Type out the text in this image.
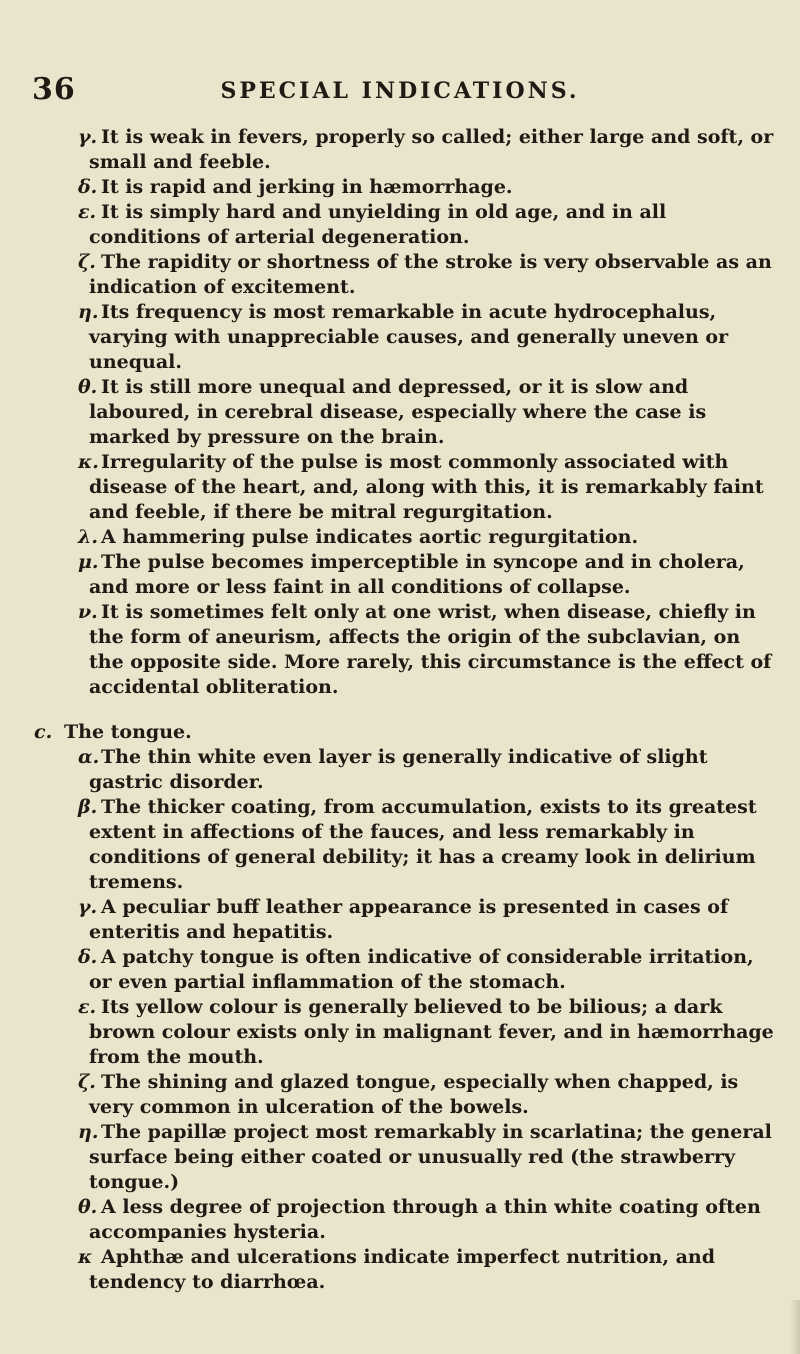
36	SPECIAL INDICATIONS.
γ. It is weak in fevers, properly so called; either large and soft, or small and feeble.
δ. It is rapid and jerking in hæmorrhage.
ε. It is simply hard and unyielding in old age, and in all conditions of arterial degeneration.
ζ. The rapidity or shortness of the stroke is very observable as an indication of excitement.
η. Its frequency is most remarkable in acute hydrocephalus, varying with unappreciable causes, and generally uneven or unequal.
θ. It is still more unequal and depressed, or it is slow and laboured, in cerebral disease, especially where the case is marked by pressure on the brain.
κ. Irregularity of the pulse is most commonly associated with disease of the heart, and, along with this, it is remarkably faint and feeble, if there be mitral regurgitation.
λ. A hammering pulse indicates aortic regurgitation.
μ. The pulse becomes imperceptible in syncope and in cholera, and more or less faint in all conditions of collapse.
ν. It is sometimes felt only at one wrist, when disease, chiefly in the form of aneurism, affects the origin of the subclavian, on the opposite side. More rarely, this circumstance is the effect of accidental obliteration.
c. The tongue.
α. The thin white even layer is generally indicative of slight gastric disorder.
β. The thicker coating, from accumulation, exists to its greatest extent in affections of the fauces, and less remarkably in conditions of general debility; it has a creamy look in delirium tremens.
γ. A peculiar buff leather appearance is presented in cases of enteritis and hepatitis.
δ. A patchy tongue is often indicative of considerable irritation, or even partial inflammation of the stomach.
ε. Its yellow colour is generally believed to be bilious; a dark brown colour exists only in malignant fever, and in hæmorrhage from the mouth.
ζ. The shining and glazed tongue, especially when chapped, is very common in ulceration of the bowels.
η. The papillæ project most remarkably in scarlatina; the general surface being either coated or unusually red (the strawberry tongue.)
θ. A less degree of projection through a thin white coating often accompanies hysteria.
κ Aphthæ and ulcerations indicate imperfect nutrition, and tendency to diarrhœa.
